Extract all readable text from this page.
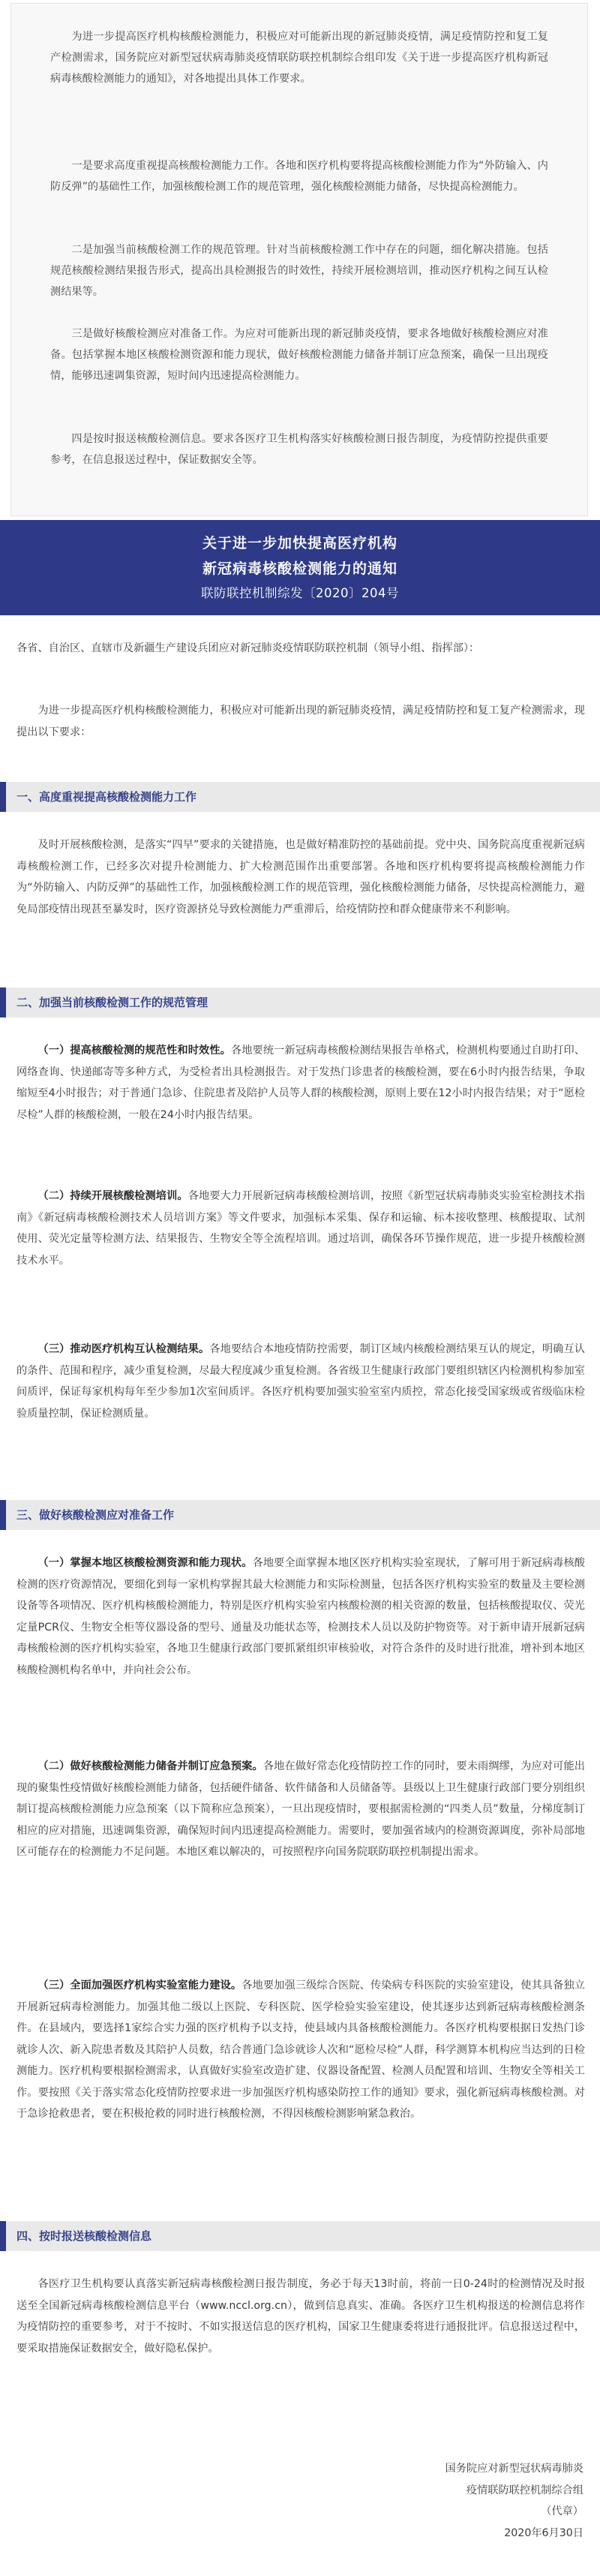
为进一步提高医疗机构核酸检测能力，积极应对可能新出现的新冠肺炎疫情，满足疫情防控和复工复产检测需求，国务院应对新型冠状病毒肺炎疫情联防联控机制综合组印发《关于进一步提高医疗机构新冠病毒核酸检测能力的通知》，对各地提出具体工作要求。

一是要求高度重视提高核酸检测能力工作。各地和医疗机构要将提高核酸检测能力作为“外防输入、内防反弹”的基础性工作，加强核酸检测工作的规范管理，强化核酸检测能力储备，尽快提高检测能力。

二是加强当前核酸检测工作的规范管理。针对当前核酸检测工作中存在的问题，细化解决措施。包括规范核酸检测结果报告形式，提高出具检测报告的时效性，持续开展检测培训，推动医疗机构之间互认检测结果等。

三是做好核酸检测应对准备工作。为应对可能新出现的新冠肺炎疫情，要求各地做好核酸检测应对准备。包括掌握本地区核酸检测资源和能力现状，做好核酸检测能力储备并制订应急预案，确保一旦出现疫情，能够迅速调集资源，短时间内迅速提高检测能力。

四是按时报送核酸检测信息。要求各医疗卫生机构落实好核酸检测日报告制度，为疫情防控提供重要参考，在信息报送过程中，保证数据安全等。

关于进一步加快提高医疗机构
新冠病毒核酸检测能力的通知
联防联控机制综发〔2020〕204号

各省、自治区、直辖市及新疆生产建设兵团应对新冠肺炎疫情联防联控机制（领导小组、指挥部）：

为进一步提高医疗机构核酸检测能力，积极应对可能新出现的新冠肺炎疫情，满足疫情防控和复工复产检测需求，现提出以下要求：

一、高度重视提高核酸检测能力工作

及时开展核酸检测，是落实“四早”要求的关键措施，也是做好精准防控的基础前提。党中央、国务院高度重视新冠病毒核酸检测工作，已经多次对提升检测能力、扩大检测范围作出重要部署。各地和医疗机构要将提高核酸检测能力作为“外防输入、内防反弹”的基础性工作，加强核酸检测工作的规范管理，强化核酸检测能力储备，尽快提高检测能力，避免局部疫情出现甚至暴发时，医疗资源挤兑导致检测能力严重滞后，给疫情防控和群众健康带来不利影响。

二、加强当前核酸检测工作的规范管理

（一）提高核酸检测的规范性和时效性。各地要统一新冠病毒核酸检测结果报告单格式，检测机构要通过自助打印、网络查询、快递邮寄等多种方式，为受检者出具检测报告。对于发热门诊患者的核酸检测，要在6小时内报告结果，争取缩短至4小时报告；对于普通门急诊、住院患者及陪护人员等人群的核酸检测，原则上要在12小时内报告结果；对于“愿检尽检”人群的核酸检测，一般在24小时内报告结果。

（二）持续开展核酸检测培训。各地要大力开展新冠病毒核酸检测培训，按照《新型冠状病毒肺炎实验室检测技术指南》《新冠病毒核酸检测技术人员培训方案》等文件要求，加强标本采集、保存和运输、标本接收整理、核酸提取、试剂使用、荧光定量等检测方法、结果报告、生物安全等全流程培训。通过培训，确保各环节操作规范，进一步提升核酸检测技术水平。

（三）推动医疗机构互认检测结果。各地要结合本地疫情防控需要，制订区域内核酸检测结果互认的规定，明确互认的条件、范围和程序，减少重复检测，尽最大程度减少重复检测。各省级卫生健康行政部门要组织辖区内检测机构参加室间质评，保证每家机构每年至少参加1次室间质评。各医疗机构要加强实验室室内质控，常态化接受国家级或省级临床检验质量控制，保证检测质量。

三、做好核酸检测应对准备工作

（一）掌握本地区核酸检测资源和能力现状。各地要全面掌握本地区医疗机构实验室现状，了解可用于新冠病毒核酸检测的医疗资源情况，要细化到每一家机构掌握其最大检测能力和实际检测量，包括各医疗机构实验室的数量及主要检测设备等各项情况、医疗机构核酸检测能力，特别是医疗机构实验室内核酸检测的相关资源的数量，包括核酸提取仪、荧光定量PCR仪、生物安全柜等仪器设备的型号、通量及功能状态等，检测技术人员以及防护物资等。对于新申请开展新冠病毒核酸检测的医疗机构实验室，各地卫生健康行政部门要抓紧组织审核验收，对符合条件的及时进行批准，增补到本地区核酸检测机构名单中，并向社会公布。

（二）做好核酸检测能力储备并制订应急预案。各地在做好常态化疫情防控工作的同时，要未雨绸缪，为应对可能出现的聚集性疫情做好核酸检测能力储备，包括硬件储备、软件储备和人员储备等。县级以上卫生健康行政部门要分别组织制订提高核酸检测能力应急预案（以下简称应急预案），一旦出现疫情时，要根据需检测的“四类人员”数量，分梯度制订相应的应对措施，迅速调集资源，确保短时间内迅速提高检测能力。需要时，要加强省域内的检测资源调度，弥补局部地区可能存在的检测能力不足问题。本地区难以解决的，可按照程序向国务院联防联控机制提出需求。

（三）全面加强医疗机构实验室能力建设。各地要加强三级综合医院、传染病专科医院的实验室建设，使其具备独立开展新冠病毒检测能力。加强其他二级以上医院、专科医院、医学检验实验室建设，使其逐步达到新冠病毒核酸检测条件。在县域内，要选择1家综合实力强的医疗机构予以支持，使县域内具备核酸检测能力。各医疗机构要根据日发热门诊就诊人次、新入院患者数及其陪护人员数，结合普通门急诊就诊人次和“愿检尽检”人群，科学测算本机构应当达到的日检测能力。医疗机构要根据检测需求，认真做好实验室改造扩建、仪器设备配置、检测人员配置和培训、生物安全等相关工作。要按照《关于落实常态化疫情防控要求进一步加强医疗机构感染防控工作的通知》要求，强化新冠病毒核酸检测。对于急诊抢救患者，要在积极抢救的同时进行核酸检测，不得因核酸检测影响紧急救治。

四、按时报送核酸检测信息

各医疗卫生机构要认真落实新冠病毒核酸检测日报告制度，务必于每天13时前，将前一日0-24时的检测情况及时报送至全国新冠病毒核酸检测信息平台（www.nccl.org.cn），做到信息真实、准确。各医疗卫生机构报送的检测信息将作为疫情防控的重要参考，对于不按时、不如实报送信息的医疗机构，国家卫生健康委将进行通报批评。信息报送过程中，要采取措施保证数据安全，做好隐私保护。

国务院应对新型冠状病毒肺炎
疫情联防联控机制综合组
（代章）
2020年6月30日
